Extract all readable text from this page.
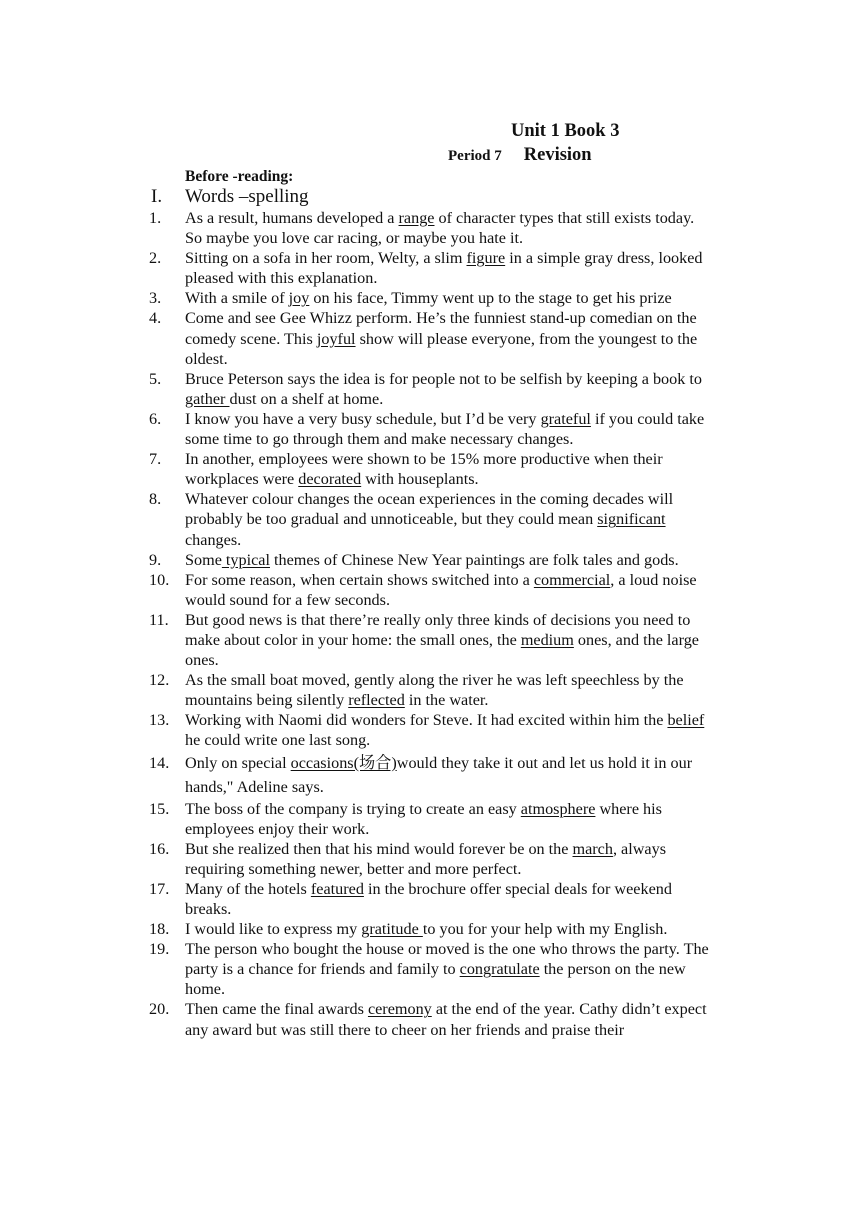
Unit 1 Book 3
Period 7 Revision
Before -reading:
I. Words –spelling
1. As a result, humans developed a range of character types that still exists today. So maybe you love car racing, or maybe you hate it.
2. Sitting on a sofa in her room, Welty, a slim figure in a simple gray dress, looked pleased with this explanation.
3. With a smile of joy on his face, Timmy went up to the stage to get his prize
4. Come and see Gee Whizz perform. He’s the funniest stand-up comedian on the comedy scene. This joyful show will please everyone, from the youngest to the oldest.
5. Bruce Peterson says the idea is for people not to be selfish by keeping a book to gather dust on a shelf at home.
6. I know you have a very busy schedule, but I’d be very grateful if you could take some time to go through them and make necessary changes.
7. In another, employees were shown to be 15% more productive when their workplaces were decorated with houseplants.
8. Whatever colour changes the ocean experiences in the coming decades will probably be too gradual and unnoticeable, but they could mean significant changes.
9. Some typical themes of Chinese New Year paintings are folk tales and gods.
10. For some reason, when certain shows switched into a commercial, a loud noise would sound for a few seconds.
11. But good news is that there’re really only three kinds of decisions you need to make about color in your home: the small ones, the medium ones, and the large ones.
12. As the small boat moved, gently along the river he was left speechless by the mountains being silently reflected in the water.
13. Working with Naomi did wonders for Steve. It had excited within him the belief he could write one last song.
14. Only on special occasions(场合)would they take it out and let us hold it in our hands," Adeline says.
15. The boss of the company is trying to create an easy atmosphere where his employees enjoy their work.
16. But she realized then that his mind would forever be on the march, always requiring something newer, better and more perfect.
17. Many of the hotels featured in the brochure offer special deals for weekend breaks.
18. I would like to express my gratitude to you for your help with my English.
19. The person who bought the house or moved is the one who throws the party. The party is a chance for friends and family to congratulate the person on the new home.
20. Then came the final awards ceremony at the end of the year. Cathy didn’t expect any award but was still there to cheer on her friends and praise their
